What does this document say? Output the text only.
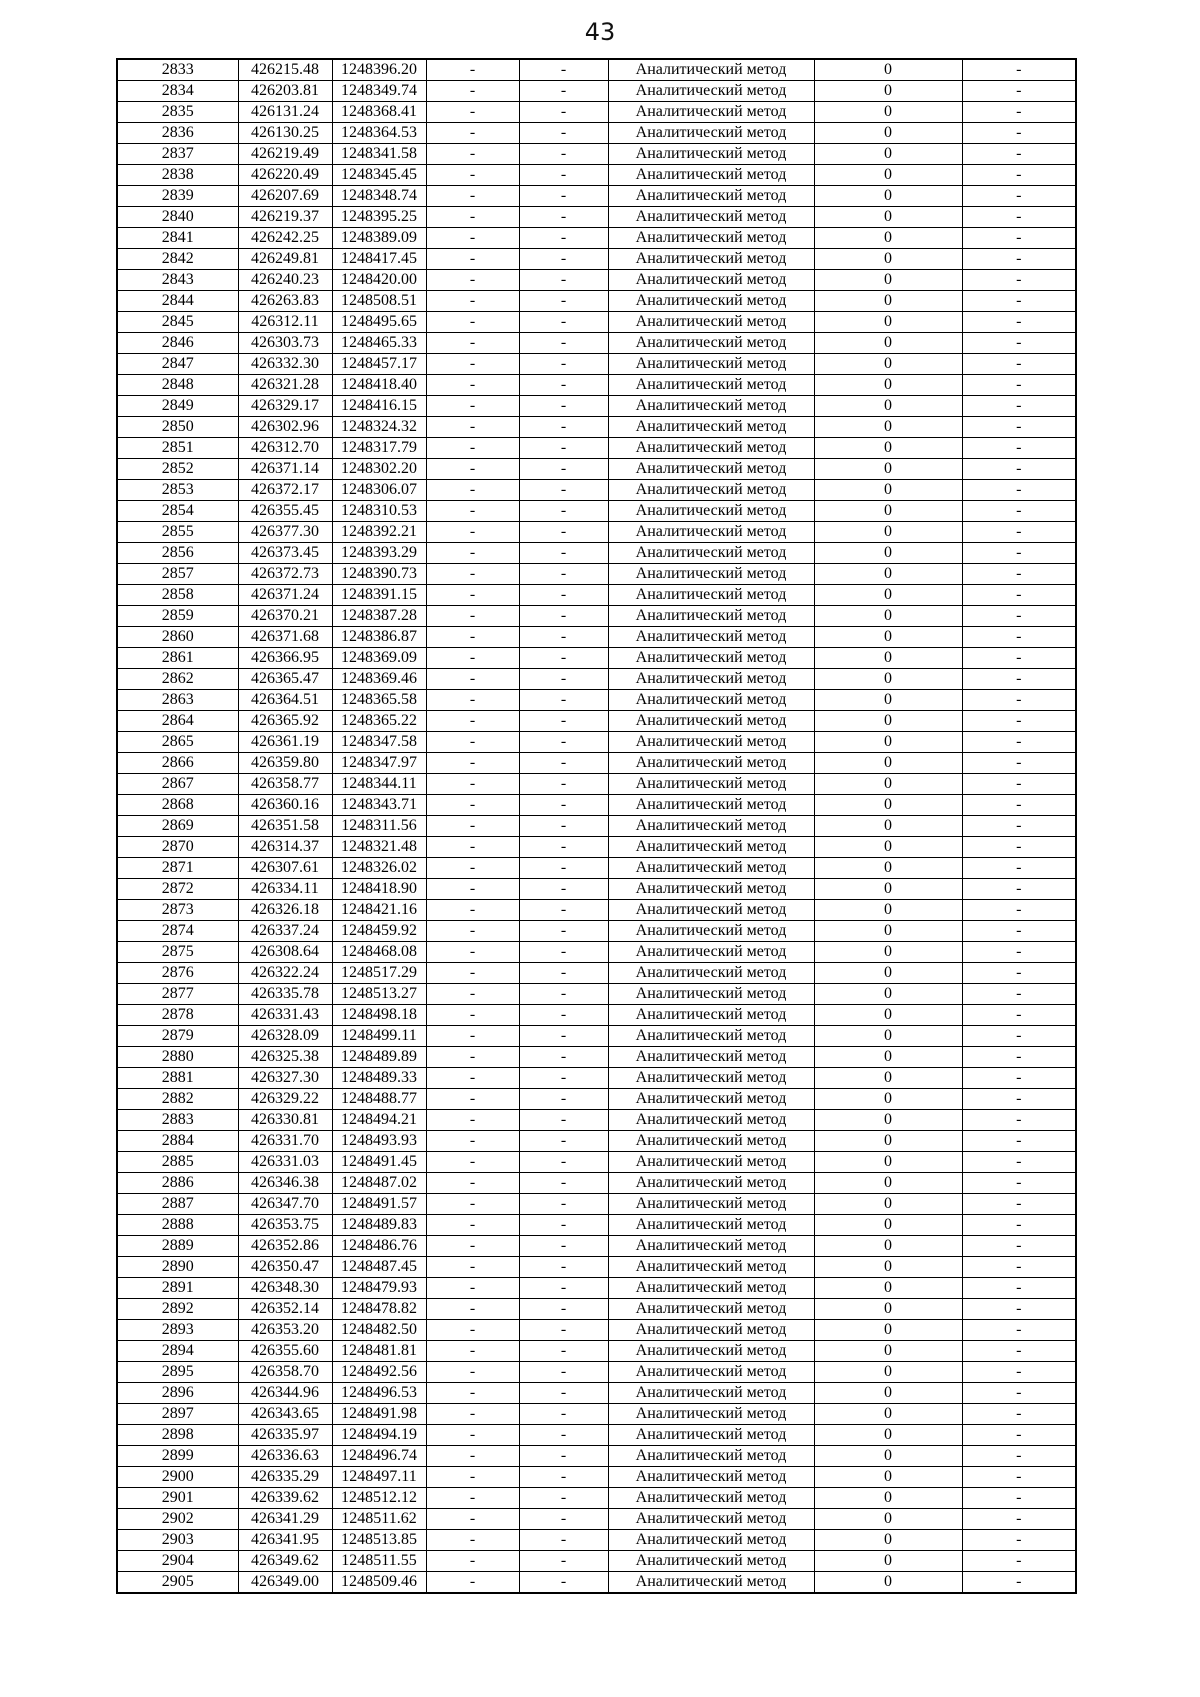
43
2833	426215.48	1248396.20	-	-	Аналитический метод	0	-
2834	426203.81	1248349.74	-	-	Аналитический метод	0	-
2835	426131.24	1248368.41	-	-	Аналитический метод	0	-
2836	426130.25	1248364.53	-	-	Аналитический метод	0	-
2837	426219.49	1248341.58	-	-	Аналитический метод	0	-
2838	426220.49	1248345.45	-	-	Аналитический метод	0	-
2839	426207.69	1248348.74	-	-	Аналитический метод	0	-
2840	426219.37	1248395.25	-	-	Аналитический метод	0	-
2841	426242.25	1248389.09	-	-	Аналитический метод	0	-
2842	426249.81	1248417.45	-	-	Аналитический метод	0	-
2843	426240.23	1248420.00	-	-	Аналитический метод	0	-
2844	426263.83	1248508.51	-	-	Аналитический метод	0	-
2845	426312.11	1248495.65	-	-	Аналитический метод	0	-
2846	426303.73	1248465.33	-	-	Аналитический метод	0	-
2847	426332.30	1248457.17	-	-	Аналитический метод	0	-
2848	426321.28	1248418.40	-	-	Аналитический метод	0	-
2849	426329.17	1248416.15	-	-	Аналитический метод	0	-
2850	426302.96	1248324.32	-	-	Аналитический метод	0	-
2851	426312.70	1248317.79	-	-	Аналитический метод	0	-
2852	426371.14	1248302.20	-	-	Аналитический метод	0	-
2853	426372.17	1248306.07	-	-	Аналитический метод	0	-
2854	426355.45	1248310.53	-	-	Аналитический метод	0	-
2855	426377.30	1248392.21	-	-	Аналитический метод	0	-
2856	426373.45	1248393.29	-	-	Аналитический метод	0	-
2857	426372.73	1248390.73	-	-	Аналитический метод	0	-
2858	426371.24	1248391.15	-	-	Аналитический метод	0	-
2859	426370.21	1248387.28	-	-	Аналитический метод	0	-
2860	426371.68	1248386.87	-	-	Аналитический метод	0	-
2861	426366.95	1248369.09	-	-	Аналитический метод	0	-
2862	426365.47	1248369.46	-	-	Аналитический метод	0	-
2863	426364.51	1248365.58	-	-	Аналитический метод	0	-
2864	426365.92	1248365.22	-	-	Аналитический метод	0	-
2865	426361.19	1248347.58	-	-	Аналитический метод	0	-
2866	426359.80	1248347.97	-	-	Аналитический метод	0	-
2867	426358.77	1248344.11	-	-	Аналитический метод	0	-
2868	426360.16	1248343.71	-	-	Аналитический метод	0	-
2869	426351.58	1248311.56	-	-	Аналитический метод	0	-
2870	426314.37	1248321.48	-	-	Аналитический метод	0	-
2871	426307.61	1248326.02	-	-	Аналитический метод	0	-
2872	426334.11	1248418.90	-	-	Аналитический метод	0	-
2873	426326.18	1248421.16	-	-	Аналитический метод	0	-
2874	426337.24	1248459.92	-	-	Аналитический метод	0	-
2875	426308.64	1248468.08	-	-	Аналитический метод	0	-
2876	426322.24	1248517.29	-	-	Аналитический метод	0	-
2877	426335.78	1248513.27	-	-	Аналитический метод	0	-
2878	426331.43	1248498.18	-	-	Аналитический метод	0	-
2879	426328.09	1248499.11	-	-	Аналитический метод	0	-
2880	426325.38	1248489.89	-	-	Аналитический метод	0	-
2881	426327.30	1248489.33	-	-	Аналитический метод	0	-
2882	426329.22	1248488.77	-	-	Аналитический метод	0	-
2883	426330.81	1248494.21	-	-	Аналитический метод	0	-
2884	426331.70	1248493.93	-	-	Аналитический метод	0	-
2885	426331.03	1248491.45	-	-	Аналитический метод	0	-
2886	426346.38	1248487.02	-	-	Аналитический метод	0	-
2887	426347.70	1248491.57	-	-	Аналитический метод	0	-
2888	426353.75	1248489.83	-	-	Аналитический метод	0	-
2889	426352.86	1248486.76	-	-	Аналитический метод	0	-
2890	426350.47	1248487.45	-	-	Аналитический метод	0	-
2891	426348.30	1248479.93	-	-	Аналитический метод	0	-
2892	426352.14	1248478.82	-	-	Аналитический метод	0	-
2893	426353.20	1248482.50	-	-	Аналитический метод	0	-
2894	426355.60	1248481.81	-	-	Аналитический метод	0	-
2895	426358.70	1248492.56	-	-	Аналитический метод	0	-
2896	426344.96	1248496.53	-	-	Аналитический метод	0	-
2897	426343.65	1248491.98	-	-	Аналитический метод	0	-
2898	426335.97	1248494.19	-	-	Аналитический метод	0	-
2899	426336.63	1248496.74	-	-	Аналитический метод	0	-
2900	426335.29	1248497.11	-	-	Аналитический метод	0	-
2901	426339.62	1248512.12	-	-	Аналитический метод	0	-
2902	426341.29	1248511.62	-	-	Аналитический метод	0	-
2903	426341.95	1248513.85	-	-	Аналитический метод	0	-
2904	426349.62	1248511.55	-	-	Аналитический метод	0	-
2905	426349.00	1248509.46	-	-	Аналитический метод	0	-
